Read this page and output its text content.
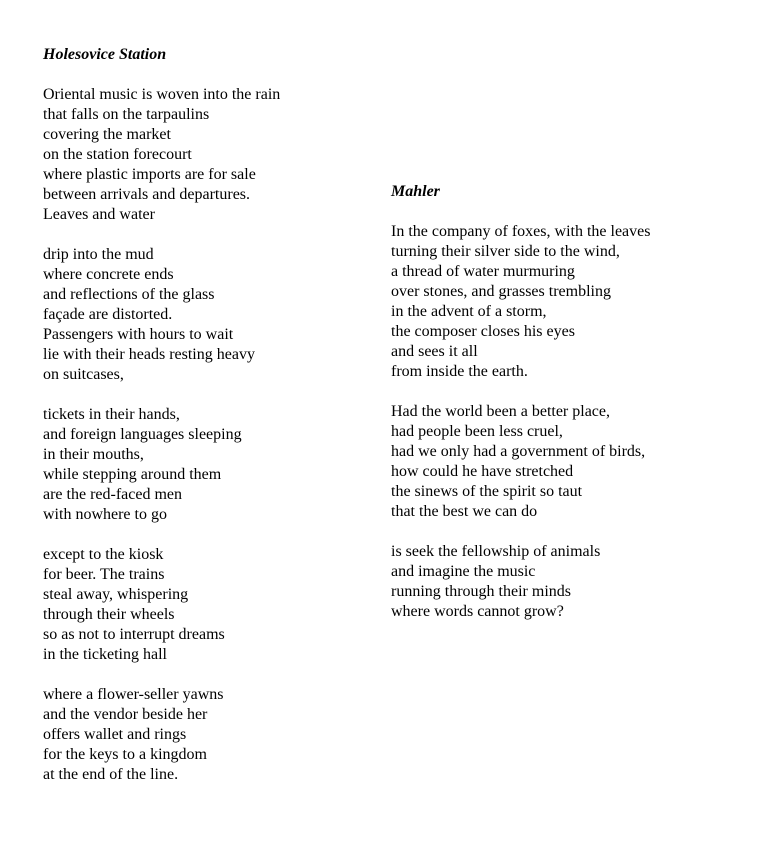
Holesovice Station
Oriental music is woven into the rain
that falls on the tarpaulins
covering the market
on the station forecourt
where plastic imports are for sale
between arrivals and departures.
Leaves and water
drip into the mud
where concrete ends
and reflections of the glass
façade are distorted.
Passengers with hours to wait
lie with their heads resting heavy
on suitcases,
tickets in their hands,
and foreign languages sleeping
in their mouths,
while stepping around them
are the red-faced men
with nowhere to go
except to the kiosk
for beer. The trains
steal away, whispering
through their wheels
so as not to interrupt dreams
in the ticketing hall
where a flower-seller yawns
and the vendor beside her
offers wallet and rings
for the keys to a kingdom
at the end of the line.
Mahler
In the company of foxes, with the leaves
turning their silver side to the wind,
a thread of water murmuring
over stones, and grasses trembling
in the advent of a storm,
the composer closes his eyes
and sees it all
from inside the earth.
Had the world been a better place,
had people been less cruel,
had we only had a government of birds,
how could he have stretched
the sinews of the spirit so taut
that the best we can do
is seek the fellowship of animals
and imagine the music
running through their minds
where words cannot grow?
